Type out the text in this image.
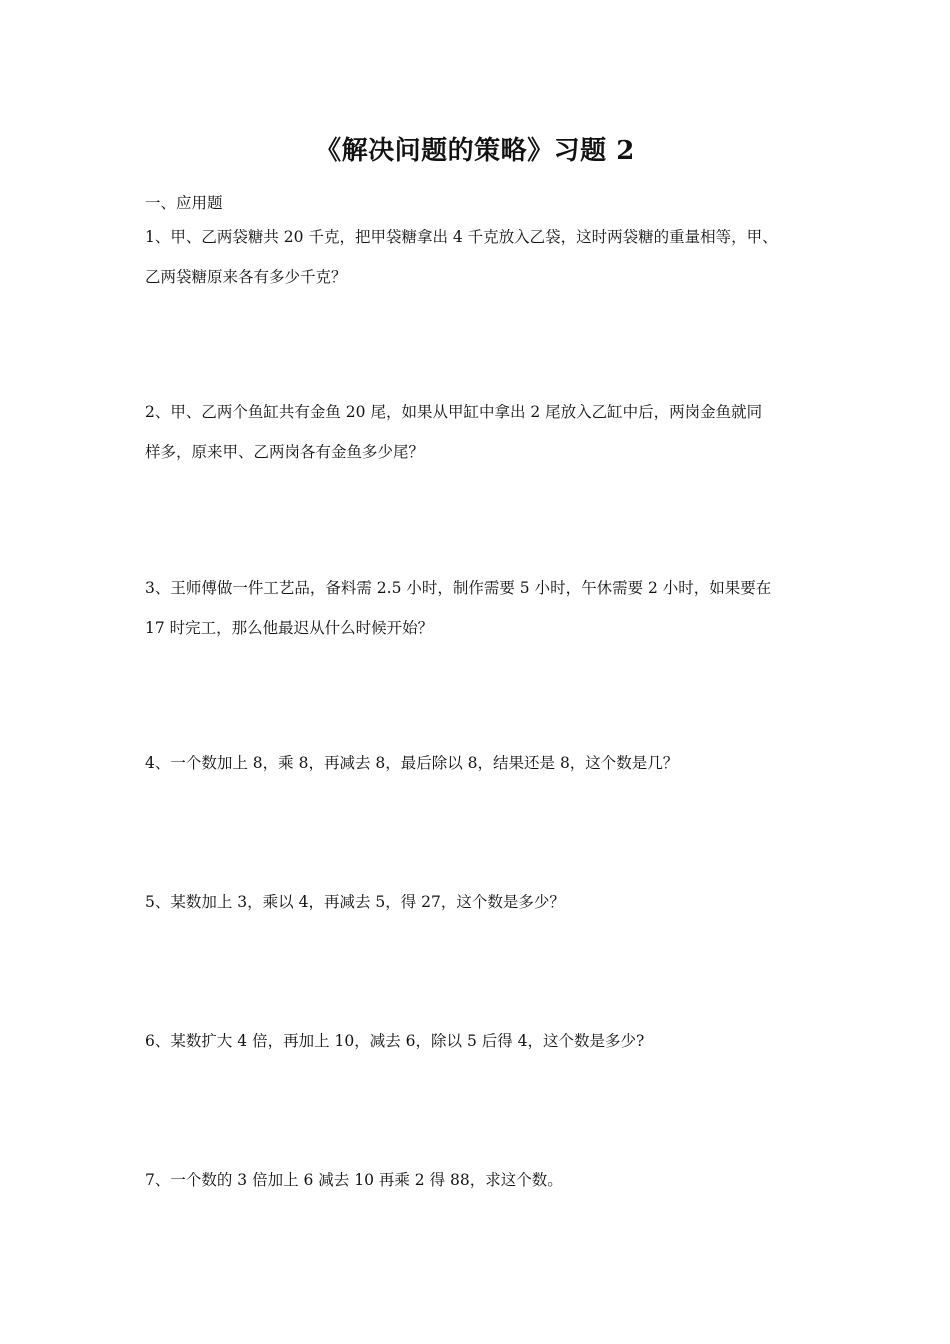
《解决问题的策略》习题 2
一、应用题
1、甲、乙两袋糖共 20 千克，把甲袋糖拿出 4 千克放入乙袋，这时两袋糖的重量相等，甲、
乙两袋糖原来各有多少千克？
2、甲、乙两个鱼缸共有金鱼 20 尾，如果从甲缸中拿出 2 尾放入乙缸中后，两岗金鱼就同
样多，原来甲、乙两岗各有金鱼多少尾？
3、王师傅做一件工艺品，备料需 2.5 小时，制作需要 5 小时，午休需要 2 小时，如果要在
17 时完工，那么他最迟从什么时候开始？
4、一个数加上 8，乘 8，再减去 8，最后除以 8，结果还是 8，这个数是几？
5、某数加上 3，乘以 4，再减去 5，得 27，这个数是多少？
6、某数扩大 4 倍，再加上 10，减去 6，除以 5 后得 4，这个数是多少?
7、一个数的 3 倍加上 6 减去 10 再乘 2 得 88，求这个数。
